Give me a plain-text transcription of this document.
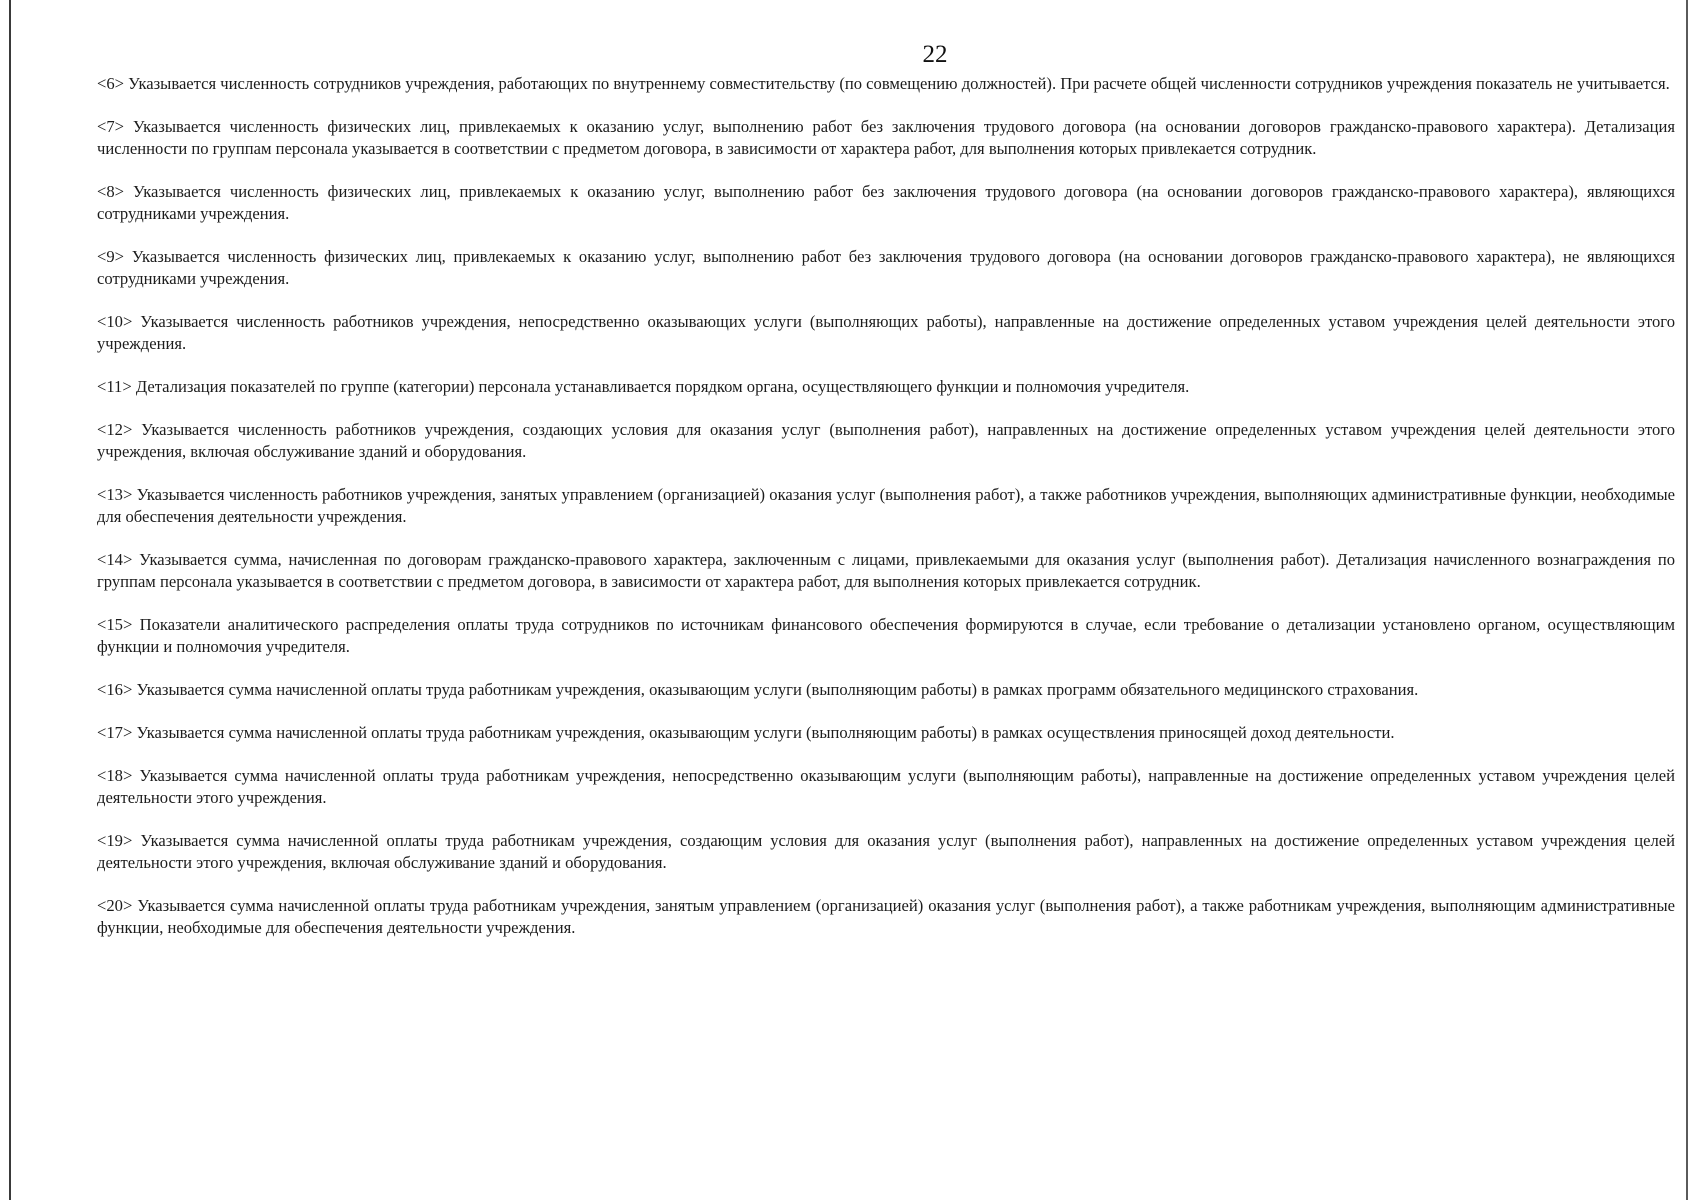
22

<6> Указывается численность сотрудников учреждения, работающих по внутреннему совместительству (по совмещению должностей). При расчете общей численности сотрудников учреждения показатель не учитывается.

<7> Указывается численность физических лиц, привлекаемых к оказанию услуг, выполнению работ без заключения трудового договора (на основании договоров гражданско-правового характера). Детализация численности по группам персонала указывается в соответствии с предметом договора, в зависимости от характера работ, для выполнения которых привлекается сотрудник.

<8> Указывается численность физических лиц, привлекаемых к оказанию услуг, выполнению работ без заключения трудового договора (на основании договоров гражданско-правового характера), являющихся сотрудниками учреждения.

<9> Указывается численность физических лиц, привлекаемых к оказанию услуг, выполнению работ без заключения трудового договора (на основании договоров гражданско-правового характера), не являющихся сотрудниками учреждения.

<10> Указывается численность работников учреждения, непосредственно оказывающих услуги (выполняющих работы), направленные на достижение определенных уставом учреждения целей деятельности этого учреждения.

<11> Детализация показателей по группе (категории) персонала устанавливается порядком органа, осуществляющего функции и полномочия учредителя.

<12> Указывается численность работников учреждения, создающих условия для оказания услуг (выполнения работ), направленных на достижение определенных уставом учреждения целей деятельности этого учреждения, включая обслуживание зданий и оборудования.

<13> Указывается численность работников учреждения, занятых управлением (организацией) оказания услуг (выполнения работ), а также работников учреждения, выполняющих административные функции, необходимые для обеспечения деятельности учреждения.

<14> Указывается сумма, начисленная по договорам гражданско-правового характера, заключенным с лицами, привлекаемыми для оказания услуг (выполнения работ). Детализация начисленного вознаграждения по группам персонала указывается в соответствии с предметом договора, в зависимости от характера работ, для выполнения которых привлекается сотрудник.

<15> Показатели аналитического распределения оплаты труда сотрудников по источникам финансового обеспечения формируются в случае, если требование о детализации установлено органом, осуществляющим функции и полномочия учредителя.

<16> Указывается сумма начисленной оплаты труда работникам учреждения, оказывающим услуги (выполняющим работы) в рамках программ обязательного медицинского страхования.

<17> Указывается сумма начисленной оплаты труда работникам учреждения, оказывающим услуги (выполняющим работы) в рамках осуществления приносящей доход деятельности.

<18> Указывается сумма начисленной оплаты труда работникам учреждения, непосредственно оказывающим услуги (выполняющим работы), направленные на достижение определенных уставом учреждения целей деятельности этого учреждения.

<19> Указывается сумма начисленной оплаты труда работникам учреждения, создающим условия для оказания услуг (выполнения работ), направленных на достижение определенных уставом учреждения целей деятельности этого учреждения, включая обслуживание зданий и оборудования.

<20> Указывается сумма начисленной оплаты труда работникам учреждения, занятым управлением (организацией) оказания услуг (выполнения работ), а также работникам учреждения, выполняющим административные функции, необходимые для обеспечения деятельности учреждения.
